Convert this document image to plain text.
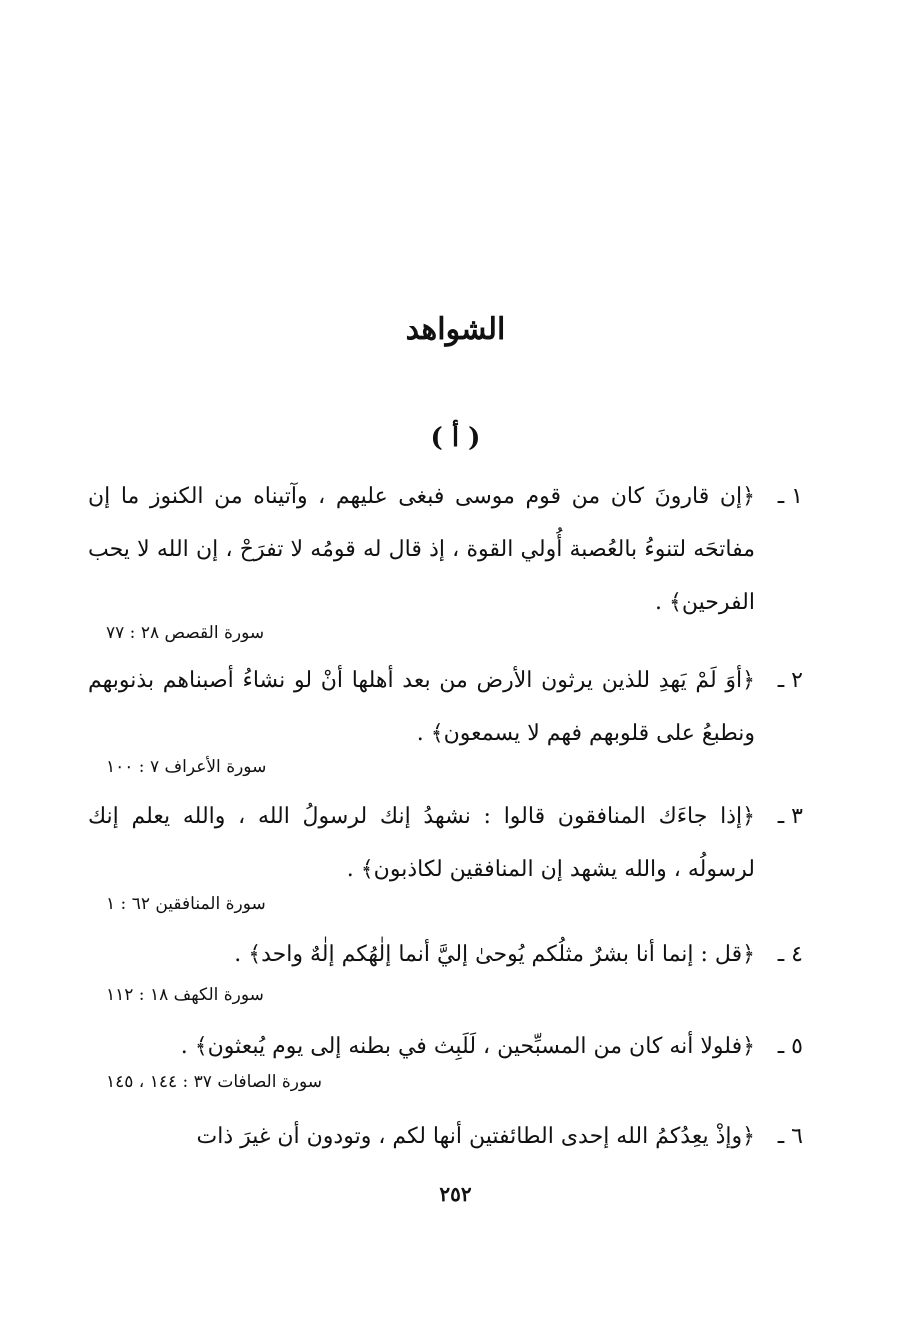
الشواهد
( أ )
١ ـ
﴿إن قارونَ كان من قوم موسى فبغى عليهم ، وآتيناه من الكنوز ما إن مفاتحَه لتنوءُ بالعُصبة أُولي القوة ، إذ قال له قومُه لا تفرَحْ ، إن الله لا يحب الفرحين﴾ .
سورة القصص ٢٨ : ٧٧
٢ ـ
﴿أوَ لَمْ يَهدِ للذين يرثون الأرض من بعد أهلها أنْ لو نشاءُ أصبناهم بذنوبهم ونطبعُ على قلوبهم فهم لا يسمعون﴾ .
سورة الأعراف ٧ : ١٠٠
٣ ـ
﴿إذا جاءَك المنافقون قالوا : نشهدُ إنك لرسولُ الله ، والله يعلم إنك لرسولُه ، والله يشهد إن المنافقين لكاذبون﴾ .
سورة المنافقين ٦٢ : ١
٤ ـ
﴿قل : إنما أنا بشرٌ مثلُكم يُوحىٰ إليَّ أنما إلٰهُكم إلٰهٌ واحد﴾ .
سورة الكهف ١٨ : ١١٢
٥ ـ
﴿فلولا أنه كان من المسبِّحين ، لَلَبِث في بطنه إلى يوم يُبعثون﴾ .
سورة الصافات ٣٧ : ١٤٤ ، ١٤٥
٦ ـ
﴿وإذْ يعِدُكمُ الله إحدى الطائفتين أنها لكم ، وتودون أن غيرَ ذات
٢٥٢
